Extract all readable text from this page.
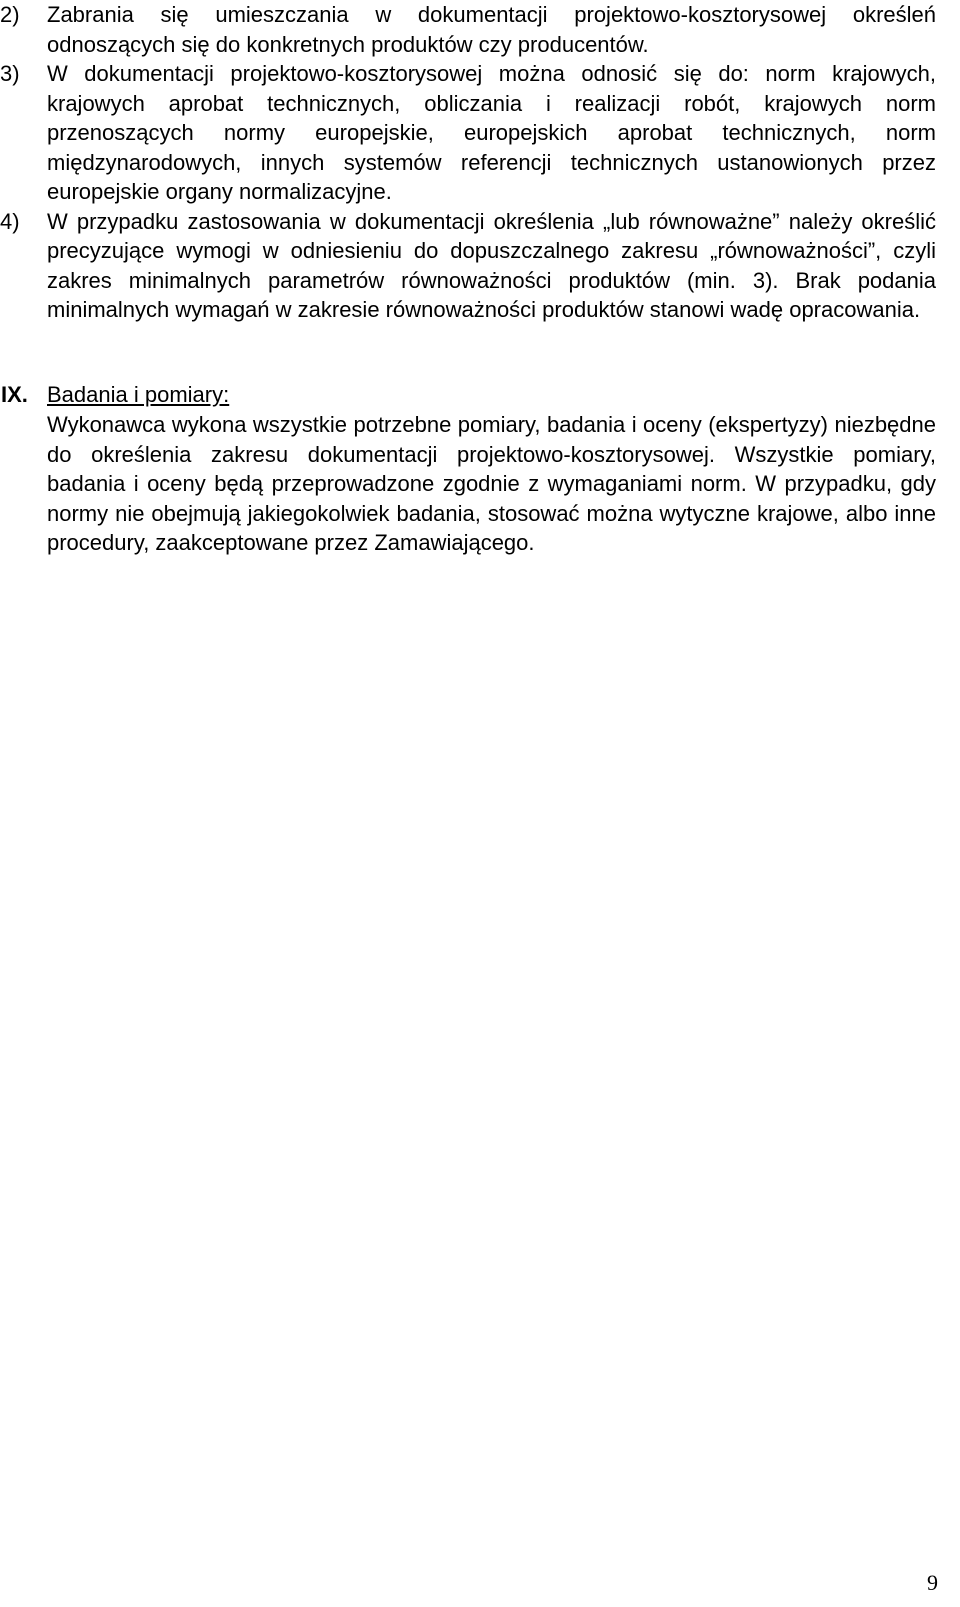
2) Zabrania się umieszczania w dokumentacji projektowo-kosztorysowej określeń odnoszących się do konkretnych produktów czy producentów.

3) W dokumentacji projektowo-kosztorysowej można odnosić się do: norm krajowych, krajowych aprobat technicznych, obliczania i realizacji robót, krajowych norm przenoszących normy europejskie, europejskich aprobat technicznych, norm międzynarodowych, innych systemów referencji technicznych ustanowionych przez europejskie organy normalizacyjne.

4) W przypadku zastosowania w dokumentacji określenia „lub równoważne” należy określić precyzujące wymogi w odniesieniu do dopuszczalnego zakresu „równoważności”, czyli zakres minimalnych parametrów równoważności produktów (min. 3). Brak podania minimalnych wymagań w zakresie równoważności produktów stanowi wadę opracowania.

IX. Badania i pomiary:

Wykonawca wykona wszystkie potrzebne pomiary, badania i oceny (ekspertyzy) niezbędne do określenia zakresu dokumentacji projektowo-kosztorysowej. Wszystkie pomiary, badania i oceny będą przeprowadzone zgodnie z wymaganiami norm. W przypadku, gdy normy nie obejmują jakiegokolwiek badania, stosować można wytyczne krajowe, albo inne procedury, zaakceptowane przez Zamawiającego.

9
